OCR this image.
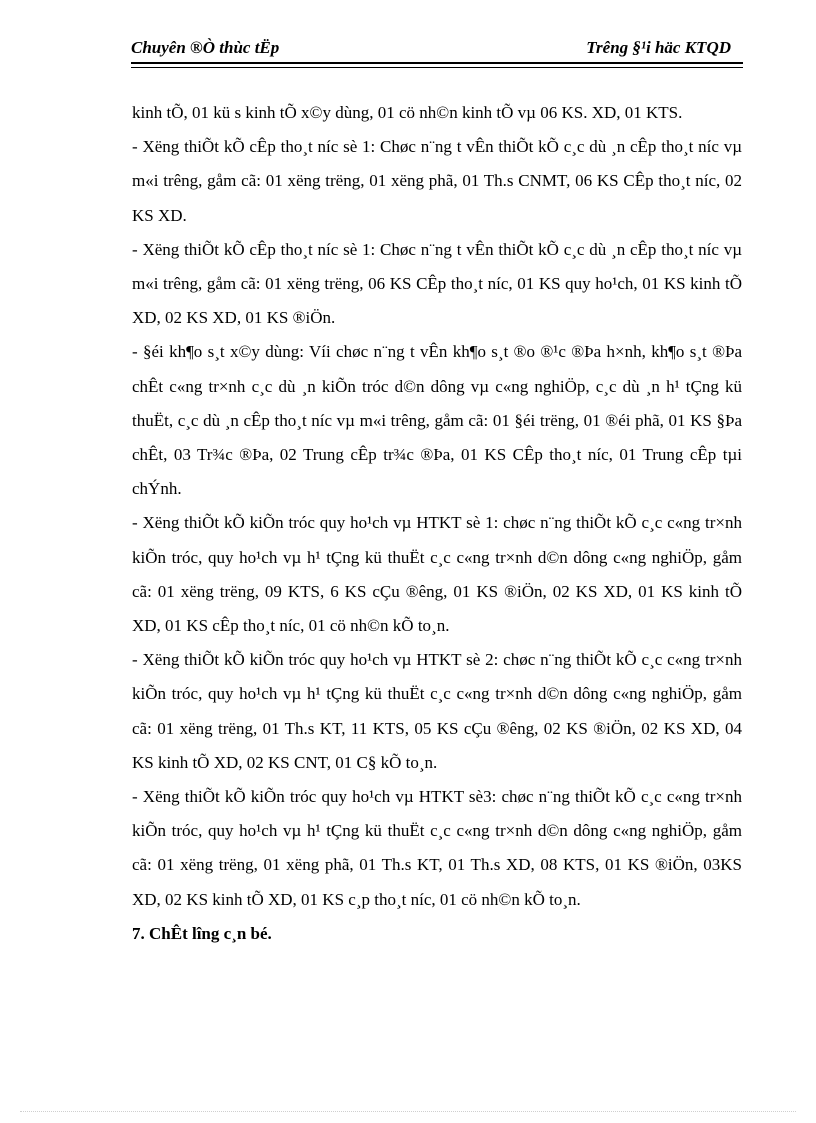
Chuyên ®Ò thùc tËp	Trêng §¹i häc KTQD

kinh tÕ, 01 kü s kinh tÕ x©y dùng, 01 cö nh©n kinh tÕ vµ 06 KS. XD, 01 KTS.

- Xëng thiÕt kÕ cÊp tho¸t níc sè 1: Chøc n¨ng t vÊn thiÕt kÕ c¸c dù ¸n cÊp tho¸t níc vµ m«i trêng, gåm cã: 01 xëng trëng, 01 xëng phã, 01 Th.s CNMT, 06 KS CÊp tho¸t níc, 02 KS XD.

- Xëng thiÕt kÕ cÊp tho¸t níc sè 1: Chøc n¨ng t vÊn thiÕt kÕ c¸c dù ¸n cÊp tho¸t níc vµ m«i trêng, gåm cã: 01 xëng trëng, 06 KS CÊp tho¸t níc, 01 KS quy ho¹ch, 01 KS kinh tÕ XD, 02 KS XD, 01 KS ®iÖn.

- §éi kh¶o s¸t x©y dùng: Víi chøc n¨ng t vÊn kh¶o s¸t ®o ®¹c ®Þa h×nh, kh¶o s¸t ®Þa chÊt c«ng tr×nh c¸c dù ¸n kiÕn tróc d©n dông vµ c«ng nghiÖp, c¸c dù ¸n h¹ tÇng kü thuËt, c¸c dù ¸n cÊp tho¸t níc vµ m«i trêng, gåm cã: 01 §éi trëng, 01 ®éi phã, 01 KS §Þa chÊt, 03 Tr¾c ®Þa, 02 Trung cÊp tr¾c ®Þa, 01 KS CÊp tho¸t níc, 01 Trung cÊp tµi chÝnh.

- Xëng thiÕt kÕ kiÕn tróc quy ho¹ch vµ HTKT sè 1: chøc n¨ng thiÕt kÕ c¸c c«ng tr×nh kiÕn tróc, quy ho¹ch vµ h¹ tÇng kü thuËt c¸c c«ng tr×nh d©n dông c«ng nghiÖp, gåm cã: 01 xëng trëng, 09 KTS, 6 KS cÇu ®êng, 01 KS ®iÖn, 02 KS XD, 01 KS kinh tÕ XD, 01 KS cÊp tho¸t níc, 01 cö nh©n kÕ to¸n.

- Xëng thiÕt kÕ kiÕn tróc quy ho¹ch vµ HTKT sè 2: chøc n¨ng thiÕt kÕ c¸c c«ng tr×nh kiÕn tróc, quy ho¹ch vµ h¹ tÇng kü thuËt c¸c c«ng tr×nh d©n dông c«ng nghiÖp, gåm cã: 01 xëng trëng, 01 Th.s KT, 11 KTS, 05 KS cÇu ®êng, 02 KS ®iÖn, 02 KS XD, 04 KS kinh tÕ XD, 02 KS CNT, 01 C§ kÕ to¸n.

- Xëng thiÕt kÕ kiÕn tróc quy ho¹ch vµ HTKT sè3: chøc n¨ng thiÕt kÕ c¸c c«ng tr×nh kiÕn tróc, quy ho¹ch vµ h¹ tÇng kü thuËt c¸c c«ng tr×nh d©n dông c«ng nghiÖp, gåm cã: 01 xëng trëng, 01 xëng phã, 01 Th.s KT, 01 Th.s XD, 08 KTS, 01 KS ®iÖn, 03KS XD, 02 KS kinh tÕ XD, 01 KS c¸p tho¸t níc, 01 cö nh©n kÕ to¸n.

7. ChÊt lîng c¸n bé.
